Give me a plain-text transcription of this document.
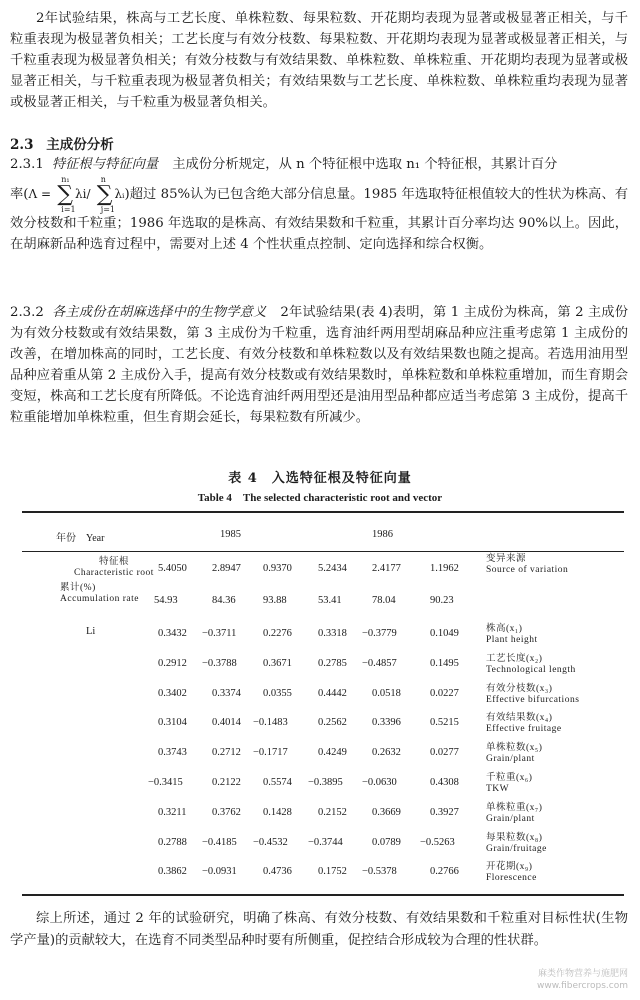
2年试验结果，株高与工艺长度、单株粒数、每果粒数、开花期均表现为显著或极显著正相关，与千粒重表现为极显著负相关；工艺长度与有效分枝数、每果粒数、开花期均表现为显著或极显著正相关，与千粒重表现为极显著负相关；有效分枝数与有效结果数、单株粒数、单株粒重、开花期均表现为显著或极显著正相关，与千粒重表现为极显著负相关；有效结果数与工艺长度、单株粒数、单株粒重均表现为显著或极显著正相关，与千粒重为极显著负相关。

2.3 主成份分析
2.3.1 特征根与特征向量 主成份分析规定，从 n 个特征根中选取 n₁ 个特征根，其累计百分
率(Λ = ∑
n₁
i=1
λi/ ∑
n
j=1
λᵢ)超过 85%认为已包含绝大部分信息量。1985 年选取特征根值较大的性状为株高、有效分枝数和千粒重；1986 年选取的是株高、有效结果数和千粒重，其累计百分率均达 90%以上。因此，在胡麻新品种选育过程中，需要对上述 4 个性状重点控制、定向选择和综合权衡。
2.3.2 各主成份在胡麻选择中的生物学意义 2年试验结果(表 4)表明，第 1 主成份为株高，第 2 主成份为有效分枝数或有效结果数，第 3 主成份为千粒重，选育油纤两用型胡麻品种应注重考虑第 1 主成份的改善，在增加株高的同时，工艺长度、有效分枝数和单株粒数以及有效结果数也随之提高。若选用油用型品种应着重从第 2 主成份入手，提高有效分枝数或有效结果数时，单株粒数和单株粒重增加，而生育期会变短，株高和工艺长度有所降低。不论选育油纤两用型还是油用型品种都应适当考虑第 3 主成份，提高千粒重能增加单株粒重，但生育期会延长，每果粒数有所减少。
表 4　入选特征根及特征向量
Table 4　The selected characteristic root and vector
年份　Year	1985	1986
特征根
Characteristic root
累计(%)
Accumulation rate
Li
变异来源
Source of variation
5.4050 2.8947 0.9370 5.2434 2.4177	1.1962
54.93	84.36	93.88	53.41	78.04	90.23
0.3432 −0.3711	0.2276 0.3318 −0.3779	0.1049	株高(x₁)
Plant height
0.2912 −0.3788 0.3671 0.2785 −0.4857	0.1495	工艺长度(x₂)
Technological length
0.3402 0.3374 0.0355 0.4442 0.0518	0.0227	有效分枝数(x₃)
Effective bifurcations
0.3104 0.4014 −0.1483	0.2562 0.3396	0.5215	有效结果数(x₄)
Effective fruitage
0.3743 0.2712 −0.1717	0.4249 0.2632	0.0277	单株粒数(x₅)
Grain/plant
−0.3415	0.2122 0.5574 −0.3895 −0.0630	0.4308	千粒重(x₆)
TKW
0.3211 0.3762 0.1428 0.2152 0.3669	0.3927	单株粒重(x₇)
Grain/plant
0.2788 −0.4185 −0.4532 −0.3744	0.0789 −0.5263	每果粒数(x₈)
Grain/fruitage
0.3862 −0.0931 0.4736 0.1752 −0.5378	0.2766	开花期(x₉)
Florescence

综上所述，通过 2 年的试验研究，明确了株高、有效分枝数、有效结果数和千粒重对目标性状(生物学产量)的贡献较大，在选育不同类型品种时要有所侧重，促控结合形成较为合理的性状群。

麻类作物营养与施肥网
www.fibercrops.com
